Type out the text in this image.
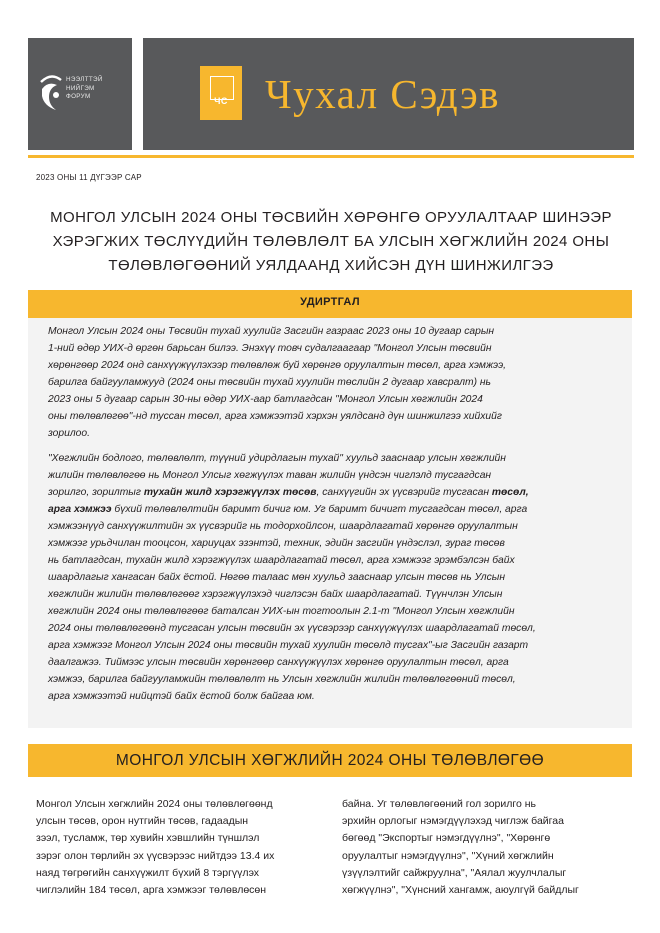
НЭЭЛТТЭЙ
НИЙГЭМ
ФОРУМ	ЧС Чухал Сэдэв
2023 ОНЫ 11 ДҮГЭЭР САР
МОНГОЛ УЛСЫН 2024 ОНЫ ТӨСВИЙН ХӨРӨНГӨ ОРУУЛАЛТААР ШИНЭЭР
ХЭРЭГЖИХ ТӨСЛҮҮДИЙН ТӨЛӨВЛӨЛТ БА УЛСЫН ХӨГЖЛИЙН 2024 ОНЫ
ТӨЛӨВЛӨГӨӨНИЙ УЯЛДААНД ХИЙСЭН ДҮН ШИНЖИЛГЭЭ
УДИРТГАЛ

Монгол Улсын 2024 оны Төсвийн тухай хуулийг Засгийн газраас 2023 оны 10 дугаар сарын
1-ний өдөр УИХ-д өргөн барьсан билээ. Энэхүү товч судалгаагаар "Монгол Улсын төсвийн
хөрөнгөөр 2024 онд санхүүжүүлэхээр төлөвлөж буй хөрөнгө оруулалтын төсөл, арга хэмжээ,
барилга байгууламжууд (2024 оны төсвийн тухай хуулийн төслийн 2 дугаар хавсралт) нь
2023 оны 5 дугаар сарын 30-ны өдөр УИХ-аар батлагдсан "Монгол Улсын хөгжлийн 2024
оны төлөвлөгөө"-нд туссан төсөл, арга хэмжээтэй хэрхэн уялдсанд дүн шинжилгээ хийхийг
зорилоо.

"Хөгжлийн бодлого, төлөвлөлт, түүний удирдлагын тухай" хуульд зааснаар улсын хөгжлийн
жилийн төлөвлөгөө нь Монгол Улсыг хөгжүүлэх таван жилийн үндсэн чиглэлд тусгагдсан
зорилго, зорилтыг тухайн жилд хэрэгжүүлэх төсөв, санхүүгийн эх үүсвэрийг тусгасан төсөл,
арга хэмжээ бүхий төлөвлөлтийн баримт бичиг юм. Уг баримт бичигт тусгагдсан төсөл, арга
хэмжээнүүд санхүүжилтийн эх үүсвэрийг нь тодорхойлсон, шаардлагатай хөрөнгө оруулалтын
хэмжээг урьдчилан тооцсон, хариуцах эзэнтэй, техник, эдийн засгийн үндэслэл, зураг төсөв
нь батлагдсан, тухайн жилд хэрэгжүүлэх шаардлагатай төсөл, арга хэмжээг эрэмбэлсэн байх
шаардлагыг хангасан байх ёстой. Нөгөө талаас мөн хуульд зааснаар улсын төсөв нь Улсын
хөгжлийн жилийн төлөвлөгөөг хэрэгжүүлэхэд чиглэсэн байх шаардлагатай. Түүнчлэн Улсын
хөгжлийн 2024 оны төлөвлөгөөг баталсан УИХ-ын тогтоолын 2.1-т "Монгол Улсын хөгжлийн
2024 оны төлөвлөгөөнд тусгасан улсын төсвийн эх үүсвэрээр санхүүжүүлэх шаардлагатай төсөл,
арга хэмжээг Монгол Улсын 2024 оны төсвийн тухай хуулийн төсөлд тусгах"-ыг Засгийн газарт
даалгажээ. Тиймээс улсын төсвийн хөрөнгөөр санхүүжүүлэх хөрөнгө оруулалтын төсөл, арга
хэмжээ, барилга байгууламжийн төлөвлөлт нь Улсын хөгжлийн жилийн төлөвлөгөөний төсөл,
арга хэмжээтэй нийцтэй байх ёстой болж байгаа юм.

МОНГОЛ УЛСЫН ХӨГЖЛИЙН 2024 ОНЫ ТӨЛӨВЛӨГӨӨ
Монгол Улсын хөгжлийн 2024 оны төлөвлөгөөнд
улсын төсөв, орон нутгийн төсөв, гадаадын
зээл, тусламж, төр хувийн хэвшлийн түншлэл
зэрэг олон төрлийн эх үүсвэрээс нийтдээ 13.4 их
наяд төгрөгийн санхүүжилт бүхий 8 тэргүүлэх
чиглэлийн 184 төсөл, арга хэмжээг төлөвлөсөн
байна. Уг төлөвлөгөөний гол зорилго нь
эрхийн орлогыг нэмэгдүүлэхэд чиглэж байгаа
бөгөөд "Экспортыг нэмэгдүүлнэ", "Хөрөнгө
оруулалтыг нэмэгдүүлнэ", "Хүний хөгжлийн
үзүүлэлтийг сайжруулна", "Аялал жуулчлалыг
хөгжүүлнэ", "Хүнсний хангамж, аюулгүй байдлыг
